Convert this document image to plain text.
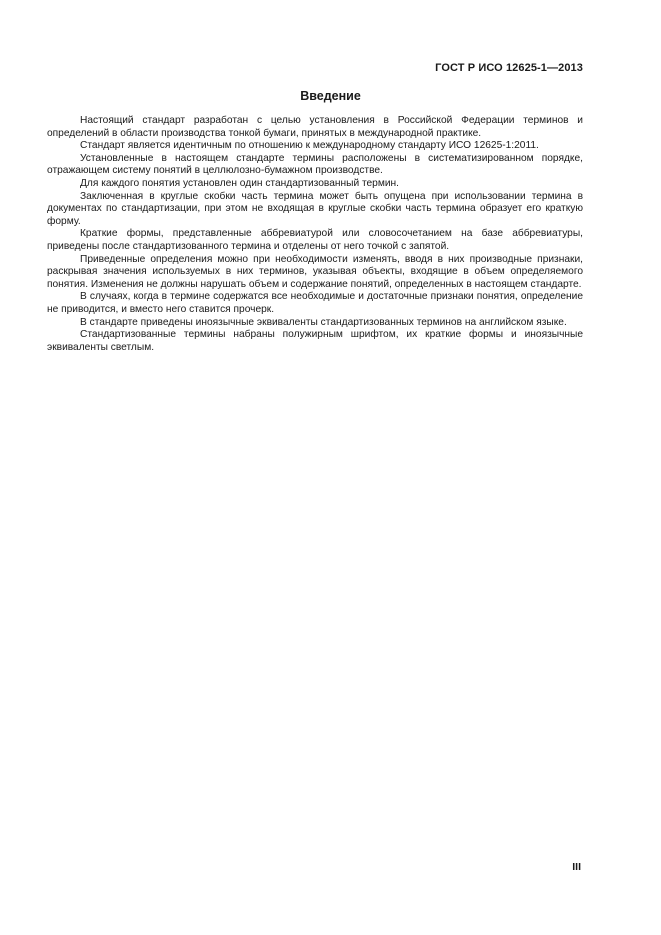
ГОСТ Р ИСО 12625-1—2013
Введение

Настоящий стандарт разработан с целью установления в Российской Федерации терминов и определений в области производства тонкой бумаги, принятых в международной практике.

Стандарт является идентичным по отношению к международному стандарту ИСО 12625-1:2011.

Установленные в настоящем стандарте термины расположены в систематизированном порядке, отражающем систему понятий в целлюлозно-бумажном производстве.

Для каждого понятия установлен один стандартизованный термин.

Заключенная в круглые скобки часть термина может быть опущена при использовании термина в документах по стандартизации, при этом не входящая в круглые скобки часть термина образует его краткую форму.

Краткие формы, представленные аббревиатурой или словосочетанием на базе аббревиатуры, приведены после стандартизованного термина и отделены от него точкой с запятой.

Приведенные определения можно при необходимости изменять, вводя в них производные признаки, раскрывая значения используемых в них терминов, указывая объекты, входящие в объем определяемого понятия. Изменения не должны нарушать объем и содержание понятий, определенных в настоящем стандарте.

В случаях, когда в термине содержатся все необходимые и достаточные признаки понятия, определение не приводится, и вместо него ставится прочерк.

В стандарте приведены иноязычные эквиваленты стандартизованных терминов на английском языке.

Стандартизованные термины набраны полужирным шрифтом, их краткие формы и иноязычные эквиваленты светлым.

III
